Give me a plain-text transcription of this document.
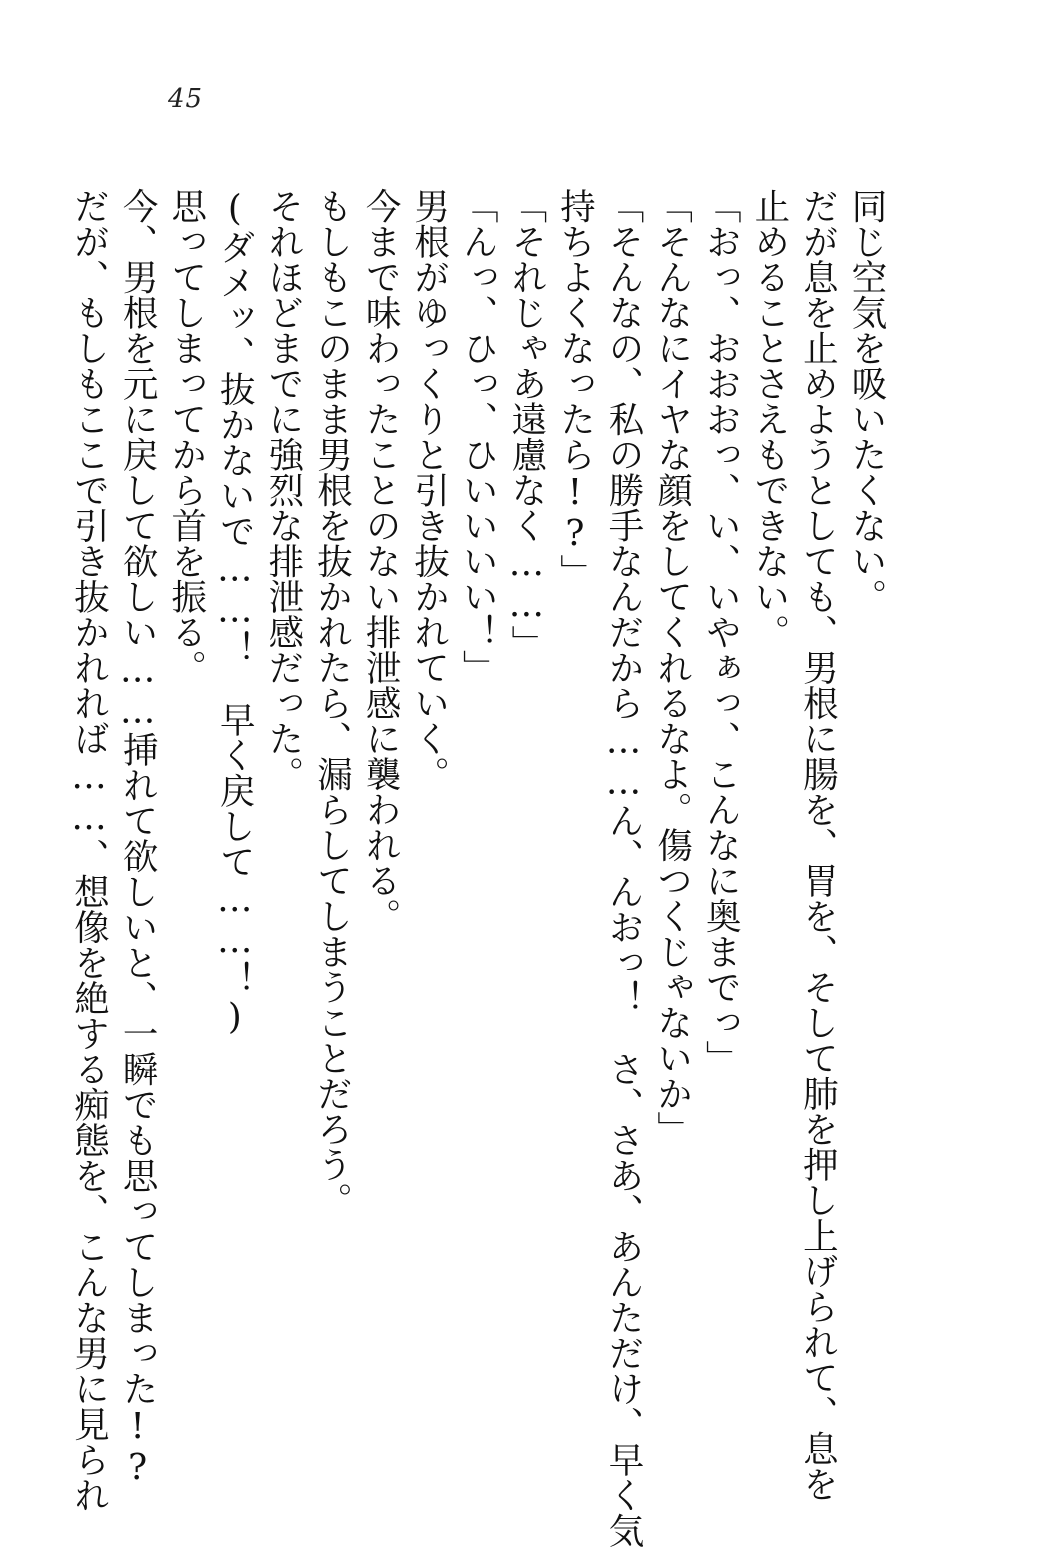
45
同じ空気を吸いたくない。
だが息を止めようとしても、男根に腸を、胃を、そして肺を押し上げられて、息を
止めることさえもできない。
「おっ、おおおっ、い、いやぁっ、こんなに奥までっ」
「そんなにイヤな顔をしてくれるなよ。傷つくじゃないか」
「そんなの、私の勝手なんだから……ん、んおっ！　さ、さあ、あんただけ、早く気
持ちよくなったら!?」
「それじゃあ遠慮なく……」
「んっ、ひっ、ひいいいい！」
男根がゆっくりと引き抜かれていく。
今まで味わったことのない排泄感に襲われる。
もしもこのまま男根を抜かれたら、漏らしてしまうことだろう。
それほどまでに強烈な排泄感だった。
(ダメッ、抜かないで……！　早く戻して……！)
思ってしまってから首を振る。
今、男根を元に戻して欲しい……挿れて欲しいと、一瞬でも思ってしまった!?
だが、もしもここで引き抜かれれば……、想像を絶する痴態を、こんな男に見られ
